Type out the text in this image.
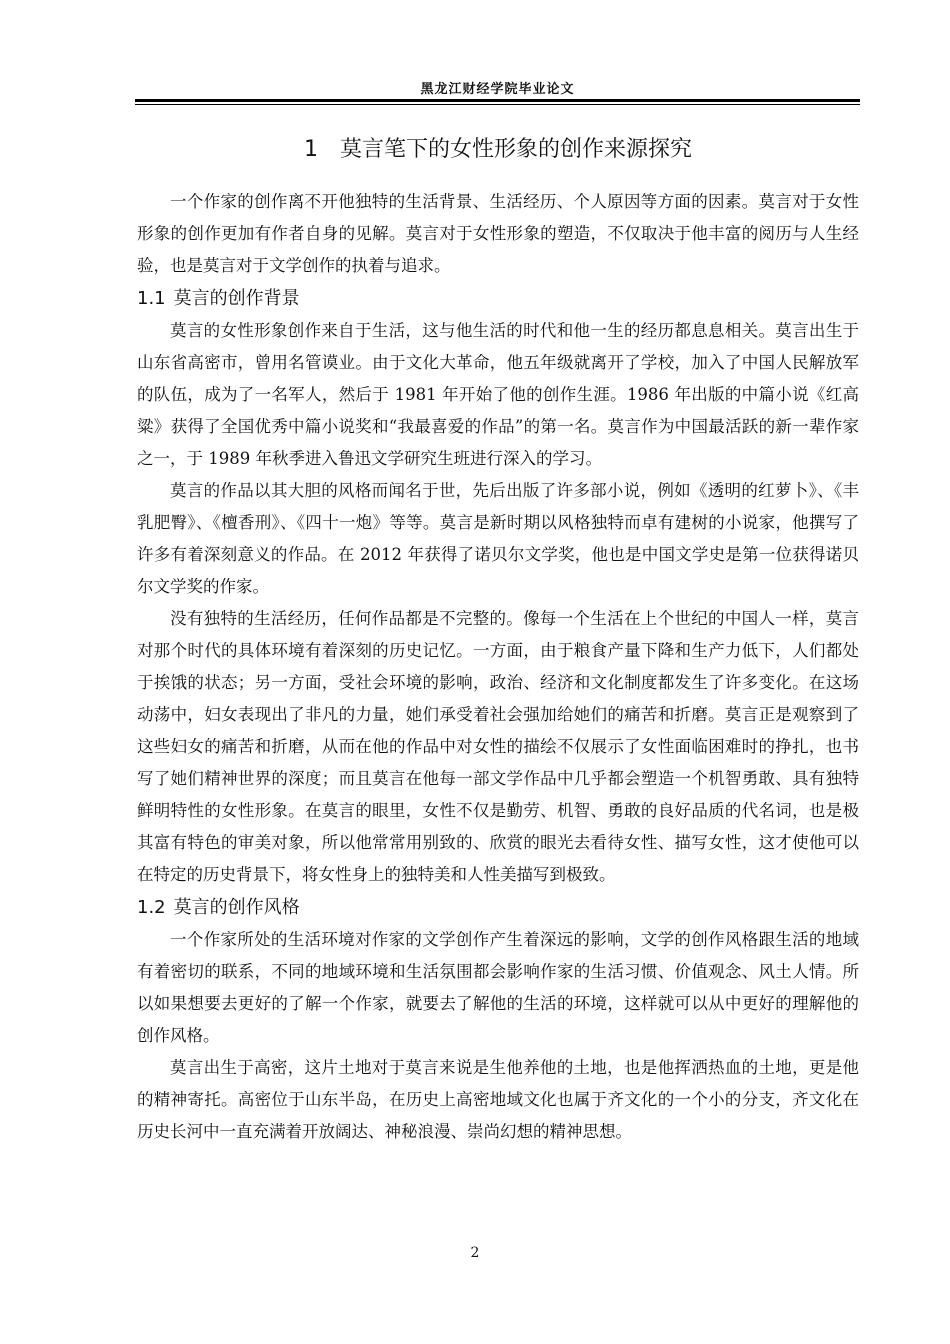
黑龙江财经学院毕业论文
1 莫言笔下的女性形象的创作来源探究

一个作家的创作离不开他独特的生活背景、生活经历、个人原因等方面的因素。莫言对于女性形象的创作更加有作者自身的见解。莫言对于女性形象的塑造，不仅取决于他丰富的阅历与人生经验，也是莫言对于文学创作的执着与追求。

1.1 莫言的创作背景

莫言的女性形象创作来自于生活，这与他生活的时代和他一生的经历都息息相关。莫言出生于山东省高密市，曾用名管谟业。由于文化大革命，他五年级就离开了学校，加入了中国人民解放军的队伍，成为了一名军人，然后于 1981 年开始了他的创作生涯。1986 年出版的中篇小说《红高粱》获得了全国优秀中篇小说奖和“我最喜爱的作品”的第一名。莫言作为中国最活跃的新一辈作家之一，于 1989 年秋季进入鲁迅文学研究生班进行深入的学习。

莫言的作品以其大胆的风格而闻名于世，先后出版了许多部小说，例如《透明的红萝卜》、《丰乳肥臀》、《檀香刑》、《四十一炮》等等。莫言是新时期以风格独特而卓有建树的小说家，他撰写了许多有着深刻意义的作品。在 2012 年获得了诺贝尔文学奖，他也是中国文学史是第一位获得诺贝尔文学奖的作家。

没有独特的生活经历，任何作品都是不完整的。像每一个生活在上个世纪的中国人一样，莫言对那个时代的具体环境有着深刻的历史记忆。一方面，由于粮食产量下降和生产力低下，人们都处于挨饿的状态；另一方面，受社会环境的影响，政治、经济和文化制度都发生了许多变化。在这场动荡中，妇女表现出了非凡的力量，她们承受着社会强加给她们的痛苦和折磨。莫言正是观察到了这些妇女的痛苦和折磨，从而在他的作品中对女性的描绘不仅展示了女性面临困难时的挣扎，也书写了她们精神世界的深度；而且莫言在他每一部文学作品中几乎都会塑造一个机智勇敢、具有独特鲜明特性的女性形象。在莫言的眼里，女性不仅是勤劳、机智、勇敢的良好品质的代名词，也是极其富有特色的审美对象，所以他常常用别致的、欣赏的眼光去看待女性、描写女性，这才使他可以在特定的历史背景下，将女性身上的独特美和人性美描写到极致。

1.2 莫言的创作风格

一个作家所处的生活环境对作家的文学创作产生着深远的影响，文学的创作风格跟生活的地域有着密切的联系，不同的地域环境和生活氛围都会影响作家的生活习惯、价值观念、风土人情。所以如果想要去更好的了解一个作家，就要去了解他的生活的环境，这样就可以从中更好的理解他的创作风格。

莫言出生于高密，这片土地对于莫言来说是生他养他的土地，也是他挥洒热血的土地，更是他的精神寄托。高密位于山东半岛，在历史上高密地域文化也属于齐文化的一个小的分支，齐文化在历史长河中一直充满着开放阔达、神秘浪漫、崇尚幻想的精神思想。

2
